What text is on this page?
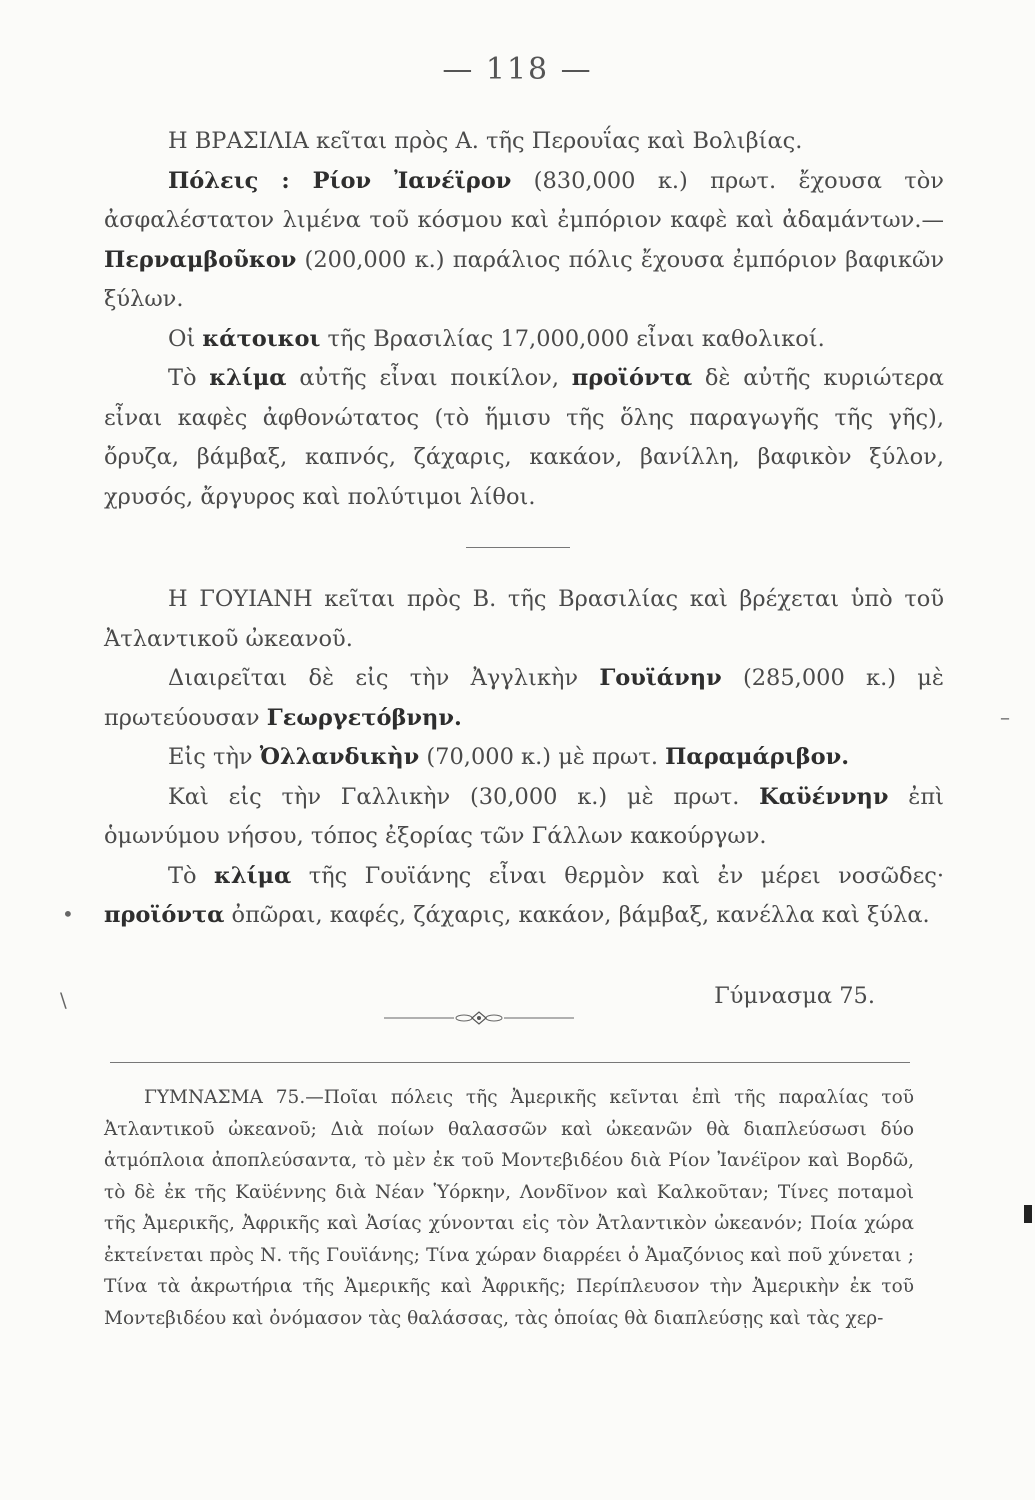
— 118 —

Η ΒΡΑΣΙΛΙΑ κεῖται πρὸς Α. τῆς Περουΐας καὶ Βολιβίας.

Πόλεις : Ρίον Ἰανέϊρον (830,000 κ.) πρωτ. ἔχουσα τὸν ἀσφαλέστατον λιμένα τοῦ κόσμου καὶ ἐμπόριον καφὲ καὶ ἀδαμάντων.— Περναμβοῦκον (200,000 κ.) παράλιος πόλις ἔχουσα ἐμπόριον βαφικῶν ξύλων.

Οἱ κάτοικοι τῆς Βρασιλίας 17,000,000 εἶναι καθολικοί.

Τὸ κλίμα αὐτῆς εἶναι ποικίλον, προϊόντα δὲ αὐτῆς κυριώτερα εἶναι καφὲς ἀφθονώτατος (τὸ ἥμισυ τῆς ὅλης παραγωγῆς τῆς γῆς), ὄρυζα, βάμβαξ, καπνός, ζάχαρις, κακάον, βανίλλη, βαφικὸν ξύλον, χρυσός, ἄργυρος καὶ πολύτιμοι λίθοι.

Η ΓΟΥΙΑΝΗ κεῖται πρὸς Β. τῆς Βρασιλίας καὶ βρέχεται ὑπὸ τοῦ Ἀτλαντικοῦ ὠκεανοῦ.

Διαιρεῖται δὲ εἰς τὴν Ἀγγλικὴν Γουϊάνην (285,000 κ.) μὲ πρωτεύουσαν Γεωργετόβνην.

Εἰς τὴν Ὀλλανδικὴν (70,000 κ.) μὲ πρωτ. Παραμάριβον.

Καὶ εἰς τὴν Γαλλικὴν (30,000 κ.) μὲ πρωτ. Καϋέννην ἐπὶ ὁμωνύμου νήσου, τόπος ἐξορίας τῶν Γάλλων κακούργων.

Τὸ κλίμα τῆς Γουϊάνης εἶναι θερμὸν καὶ ἐν μέρει νοσῶδες· προϊόντα ὀπῶραι, καφές, ζάχαρις, κακάον, βάμβαξ, κανέλλα καὶ ξύλα.

Γύμνασμα 75.

ΓΥΜΝΑΣΜΑ 75.—Ποῖαι πόλεις τῆς Ἀμερικῆς κεῖνται ἐπὶ τῆς παραλίας τοῦ Ἀτλαντικοῦ ὠκεανοῦ; Διὰ ποίων θαλασσῶν καὶ ὠκεανῶν θὰ διαπλεύσωσι δύο ἀτμόπλοια ἀποπλεύσαντα, τὸ μὲν ἐκ τοῦ Μοντεβιδέου διὰ Ρίον Ἰανέϊρον καὶ Βορδῶ, τὸ δὲ ἐκ τῆς Καϋέννης διὰ Νέαν Ὑόρκην, Λονδῖνον καὶ Καλκοῦταν; Τίνες ποταμοὶ τῆς Ἀμερικῆς, Ἀφρικῆς καὶ Ἀσίας χύνονται εἰς τὸν Ἀτλαντικὸν ὠκεανόν; Ποία χώρα ἐκτείνεται πρὸς Ν. τῆς Γουϊάνης; Τίνα χώραν διαρρέει ὁ Ἀμαζόνιος καὶ ποῦ χύνεται ; Τίνα τὰ ἀκρωτήρια τῆς Ἀμερικῆς καὶ Ἀφρικῆς; Περίπλευσον τὴν Ἀμερικὴν ἐκ τοῦ Μοντεβιδέου καὶ ὀνόμασον τὰς θαλάσσας, τὰς ὁποίας θὰ διαπλεύσῃς καὶ τὰς χερ-

•
\
–
